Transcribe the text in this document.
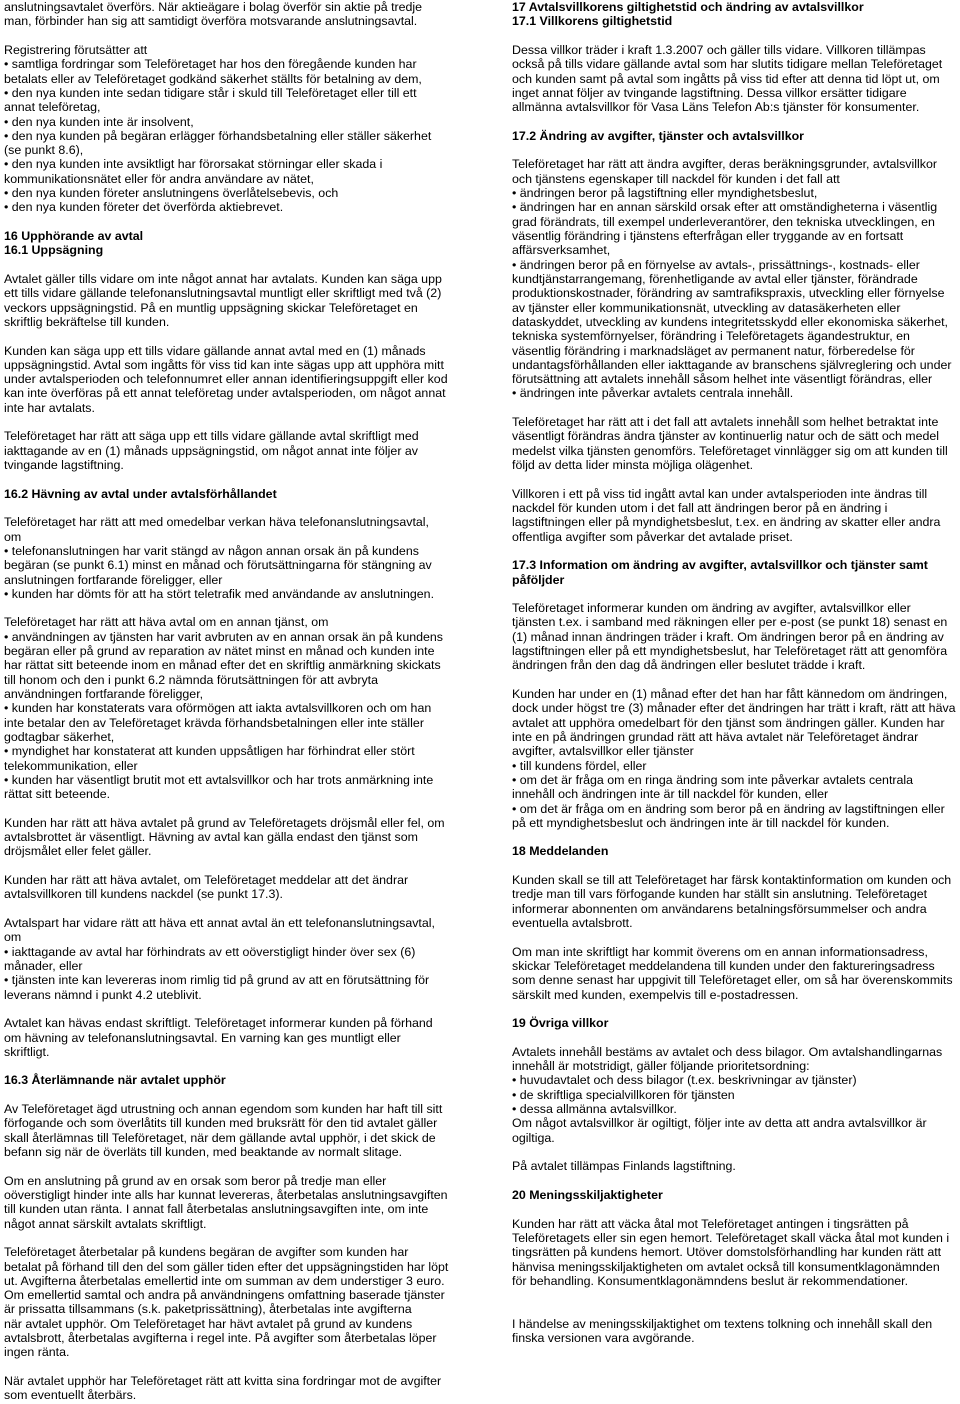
anslutningsavtalet överförs. När aktieägare i bolag överför sin aktie på tredje
man, förbinder han sig att samtidigt överföra motsvarande anslutningsavtal.
Registrering förutsätter att
• samtliga fordringar som Teleföretaget har hos den föregående kunden har
betalats eller av Teleföretaget godkänd säkerhet ställts för betalning av dem,
• den nya kunden inte sedan tidigare står i skuld till Teleföretaget eller till ett
annat teleföretag,
• den nya kunden inte är insolvent,
• den nya kunden på begäran erlägger förhandsbetalning eller ställer säkerhet
(se punkt 8.6),
• den nya kunden inte avsiktligt har förorsakat störningar eller skada i
kommunikationsnätet eller för andra användare av nätet,
• den nya kunden företer anslutningens överlåtelsebevis, och
• den nya kunden företer det överförda aktiebrevet.
16 Upphörande av avtal
16.1 Uppsägning
Avtalet gäller tills vidare om inte något annat har avtalats. Kunden kan säga upp
ett tills vidare gällande telefonanslutningsavtal muntligt eller skriftligt med två (2)
veckors uppsägningstid. På en muntlig uppsägning skickar Teleföretaget en
skriftlig bekräftelse till kunden.
Kunden kan säga upp ett tills vidare gällande annat avtal med en (1) månads
uppsägningstid. Avtal som ingåtts för viss tid kan inte sägas upp att upphöra mitt
under avtalsperioden och telefonnumret eller annan identifieringsuppgift eller kod
kan inte överföras på ett annat teleföretag under avtalsperioden, om något annat
inte har avtalats.
Teleföretaget har rätt att säga upp ett tills vidare gällande avtal skriftligt med
iakttagande av en (1) månads uppsägningstid, om något annat inte följer av
tvingande lagstiftning.
16.2 Hävning av avtal under avtalsförhållandet
Teleföretaget har rätt att med omedelbar verkan häva telefonanslutningsavtal,
om
• telefonanslutningen har varit stängd av någon annan orsak än på kundens
begäran (se punkt 6.1) minst en månad och förutsättningarna för stängning av
anslutningen fortfarande föreligger, eller
• kunden har dömts för att ha stört teletrafik med användande av anslutningen.
Teleföretaget har rätt att häva avtal om en annan tjänst, om
• användningen av tjänsten har varit avbruten av en annan orsak än på kundens
begäran eller på grund av reparation av nätet minst en månad och kunden inte
har rättat sitt beteende inom en månad efter det en skriftlig anmärkning skickats
till honom och den i punkt 6.2 nämnda förutsättningen för att avbryta
användningen fortfarande föreligger,
• kunden har konstaterats vara oförmögen att iakta avtalsvillkoren och om han
inte betalar den av Teleföretaget krävda förhandsbetalningen eller inte ställer
godtagbar säkerhet,
• myndighet har konstaterat att kunden uppsåtligen har förhindrat eller stört
telekommunikation, eller
• kunden har väsentligt brutit mot ett avtalsvillkor och har trots anmärkning inte
rättat sitt beteende.
Kunden har rätt att häva avtalet på grund av Teleföretagets dröjsmål eller fel, om
avtalsbrottet är väsentligt. Hävning av avtal kan gälla endast den tjänst som
dröjsmålet eller felet gäller.
Kunden har rätt att häva avtalet, om Teleföretaget meddelar att det ändrar
avtalsvillkoren till kundens nackdel (se punkt 17.3).
Avtalspart har vidare rätt att häva ett annat avtal än ett telefonanslutningsavtal,
om
• iakttagande av avtal har förhindrats av ett oöverstigligt hinder över sex (6)
månader, eller
• tjänsten inte kan levereras inom rimlig tid på grund av att en förutsättning för
leverans nämnd i punkt 4.2 uteblivit.
Avtalet kan hävas endast skriftligt. Teleföretaget informerar kunden på förhand
om hävning av telefonanslutningsavtal. En varning kan ges muntligt eller
skriftligt.
16.3 Återlämnande när avtalet upphör
Av Teleföretaget ägd utrustning och annan egendom som kunden har haft till sitt
förfogande och som överlåtits till kunden med bruksrätt för den tid avtalet gäller
skall återlämnas till Teleföretaget, när dem gällande avtal upphör, i det skick de
befann sig när de överläts till kunden, med beaktande av normalt slitage.
Om en anslutning på grund av en orsak som beror på tredje man eller
oöverstigligt hinder inte alls har kunnat levereras, återbetalas anslutningsavgiften
till kunden utan ränta. I annat fall återbetalas anslutningsavgiften inte, om inte
något annat särskilt avtalats skriftligt.
Teleföretaget återbetalar på kundens begäran de avgifter som kunden har
betalat på förhand till den del som gäller tiden efter det uppsägningstiden har löpt
ut. Avgifterna återbetalas emellertid inte om summan av dem understiger 3 euro.
Om emellertid samtal och andra på användningens omfattning baserade tjänster
är prissatta tillsammans (s.k. paketprissättning), återbetalas inte avgifterna
när avtalet upphör. Om Teleföretaget har hävt avtalet på grund av kundens
avtalsbrott, återbetalas avgifterna i regel inte. På avgifter som återbetalas löper
ingen ränta.
När avtalet upphör har Teleföretaget rätt att kvitta sina fordringar mot de avgifter
som eventuellt återbärs.
17 Avtalsvillkorens giltighetstid och ändring av avtalsvillkor
17.1 Villkorens giltighetstid
Dessa villkor träder i kraft 1.3.2007 och gäller tills vidare. Villkoren tillämpas
också på tills vidare gällande avtal som har slutits tidigare mellan Teleföretaget
och kunden samt på avtal som ingåtts på viss tid efter att denna tid löpt ut, om
inget annat följer av tvingande lagstiftning. Dessa villkor ersätter tidigare
allmänna avtalsvillkor för Vasa Läns Telefon Ab:s tjänster för konsumenter.
17.2 Ändring av avgifter, tjänster och avtalsvillkor
Teleföretaget har rätt att ändra avgifter, deras beräkningsgrunder, avtalsvillkor
och tjänstens egenskaper till nackdel för kunden i det fall att
• ändringen beror på lagstiftning eller myndighetsbeslut,
• ändringen har en annan särskild orsak efter att omständigheterna i väsentlig
grad förändrats, till exempel underleverantörer, den tekniska utvecklingen, en
väsentlig förändring i tjänstens efterfrågan eller tryggande av en fortsatt
affärsverksamhet,
• ändringen beror på en förnyelse av avtals-, prissättnings-, kostnads- eller
kundtjänstarrangemang, förenhetligande av avtal eller tjänster, förändrade
produktionskostnader, förändring av samtrafikspraxis, utveckling eller förnyelse
av tjänster eller kommunikationsnät, utveckling av datasäkerheten eller
dataskyddet, utveckling av kundens integritetsskydd eller ekonomiska säkerhet,
tekniska systemförnyelser, förändring i Teleföretagets ägandestruktur, en
väsentlig förändring i marknadsläget av permanent natur, förberedelse för
undantagsförhållanden eller iakttagande av branschens självreglering och under
förutsättning att avtalets innehåll såsom helhet inte väsentligt förändras, eller
• ändringen inte påverkar avtalets centrala innehåll.
Teleföretaget har rätt att i det fall att avtalets innehåll som helhet betraktat inte
väsentligt förändras ändra tjänster av kontinuerlig natur och de sätt och medel
medelst vilka tjänsten genomförs. Teleföretaget vinnlägger sig om att kunden till
följd av detta lider minsta möjliga olägenhet.
Villkoren i ett på viss tid ingått avtal kan under avtalsperioden inte ändras till
nackdel för kunden utom i det fall att ändringen beror på en ändring i
lagstiftningen eller på myndighetsbeslut, t.ex. en ändring av skatter eller andra
offentliga avgifter som påverkar det avtalade priset.
17.3 Information om ändring av avgifter, avtalsvillkor och tjänster samt
påföljder
Teleföretaget informerar kunden om ändring av avgifter, avtalsvillkor eller
tjänsten t.ex. i samband med räkningen eller per e-post (se punkt 18) senast en
(1) månad innan ändringen träder i kraft. Om ändringen beror på en ändring av
lagstiftningen eller på ett myndighetsbeslut, har Teleföretaget rätt att genomföra
ändringen från den dag då ändringen eller beslutet trädde i kraft.
Kunden har under en (1) månad efter det han har fått kännedom om ändringen,
dock under högst tre (3) månader efter det ändringen har trätt i kraft, rätt att häva
avtalet att upphöra omedelbart för den tjänst som ändringen gäller. Kunden har
inte en på ändringen grundad rätt att häva avtalet när Teleföretaget ändrar
avgifter, avtalsvillkor eller tjänster
• till kundens fördel, eller
• om det är fråga om en ringa ändring som inte påverkar avtalets centrala
innehåll och ändringen inte är till nackdel för kunden, eller
• om det är fråga om en ändring som beror på en ändring av lagstiftningen eller
på ett myndighetsbeslut och ändringen inte är till nackdel för kunden.
18 Meddelanden
Kunden skall se till att Teleföretaget har färsk kontaktinformation om kunden och
tredje man till vars förfogande kunden har ställt sin anslutning. Teleföretaget
informerar abonnenten om användarens betalningsförsummelser och andra
eventuella avtalsbrott.
Om man inte skriftligt har kommit överens om en annan informationsadress,
skickar Teleföretaget meddelandena till kunden under den faktureringsadress
som denne senast har uppgivit till Teleföretaget eller, om så har överenskommits
särskilt med kunden, exempelvis till e-postadressen.
19 Övriga villkor
Avtalets innehåll bestäms av avtalet och dess bilagor. Om avtalshandlingarnas
innehåll är motstridigt, gäller följande prioritetsordning:
• huvudavtalet och dess bilagor (t.ex. beskrivningar av tjänster)
• de skriftliga specialvillkoren för tjänsten
• dessa allmänna avtalsvillkor.
Om något avtalsvillkor är ogiltigt, följer inte av detta att andra avtalsvillkor är
ogiltiga.
På avtalet tillämpas Finlands lagstiftning.
20 Meningsskiljaktigheter
Kunden har rätt att väcka åtal mot Teleföretaget antingen i tingsrätten på
Teleföretagets eller sin egen hemort. Teleföretaget skall väcka åtal mot kunden i
tingsrätten på kundens hemort. Utöver domstolsförhandling har kunden rätt att
hänvisa meningsskiljaktigheten om avtalet också till konsumentklagonämnden
för behandling. Konsumentklagonämndens beslut är rekommendationer.
I händelse av meningsskiljaktighet om textens tolkning och innehåll skall den
finska versionen vara avgörande.
